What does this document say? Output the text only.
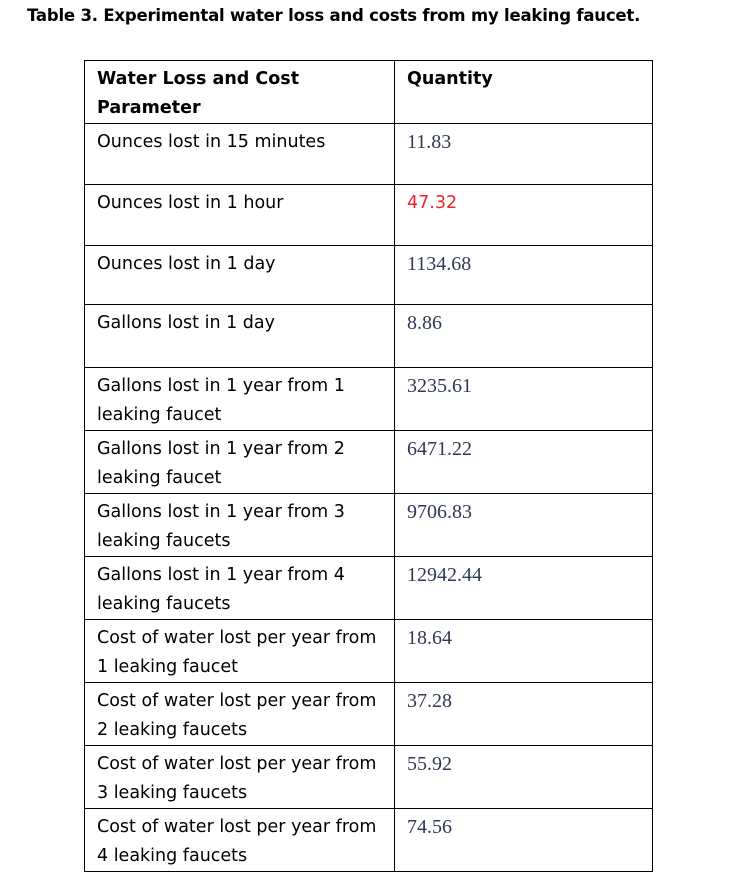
Table 3. Experimental water loss and costs from my leaking faucet.
Water Loss and Cost Parameter	Quantity

Ounces lost in 15 minutes	11.83

Ounces lost in 1 hour	47.32

Ounces lost in 1 day	1134.68

Gallons lost in 1 day	8.86

Gallons lost in 1 year from 1 leaking faucet	3235.61

Gallons lost in 1 year from 2 leaking faucet	6471.22

Gallons lost in 1 year from 3 leaking faucets	9706.83

Gallons lost in 1 year from 4 leaking faucets	12942.44

Cost of water lost per year from 1 leaking faucet	18.64

Cost of water lost per year from 2 leaking faucets	37.28

Cost of water lost per year from 3 leaking faucets	55.92

Cost of water lost per year from 4 leaking faucets	74.56
